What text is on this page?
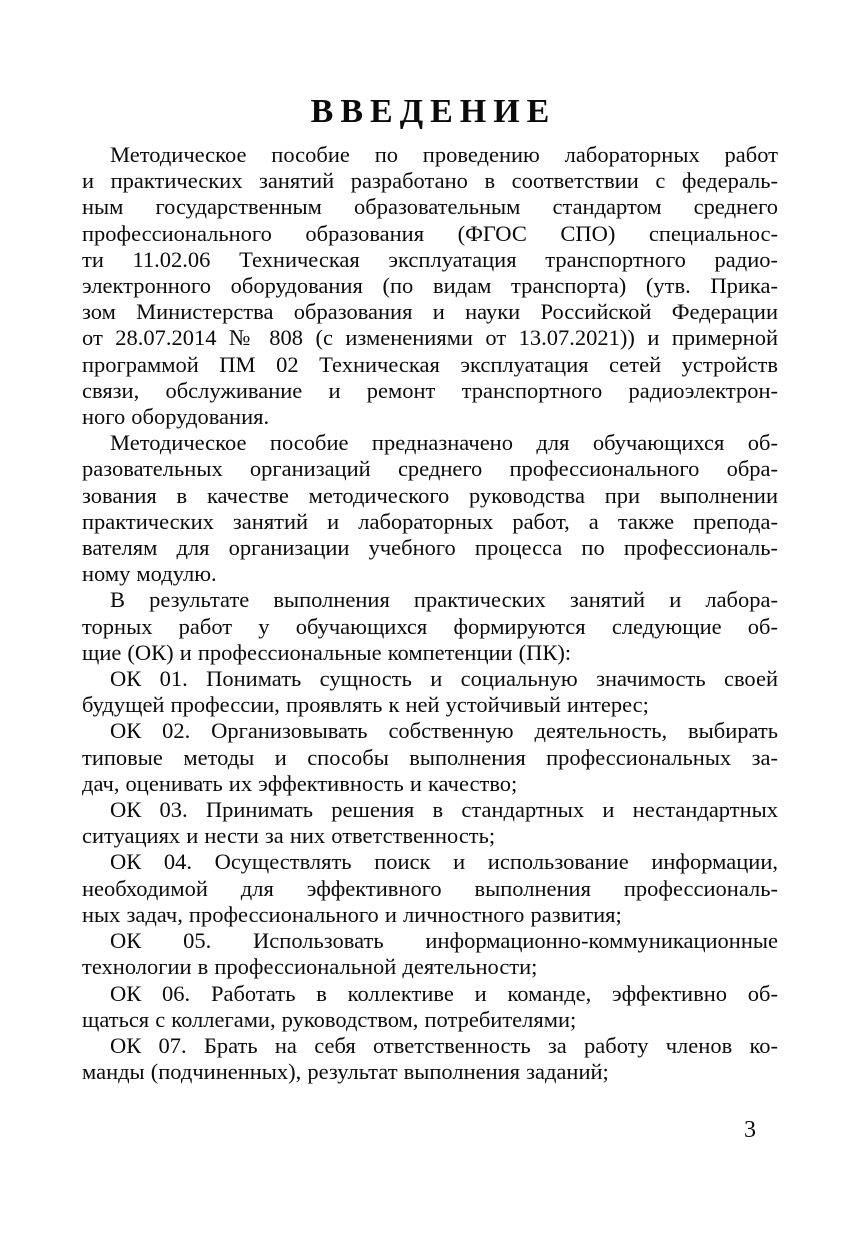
ВВЕДЕНИЕ
Методическое пособие по проведению лабораторных работ
и практических занятий разработано в соответствии с федераль-
ным государственным образовательным стандартом среднего
профессионального образования (ФГОС СПО) специальнос-
ти 11.02.06 Техническая эксплуатация транспортного радио-
электронного оборудования (по видам транспорта) (утв. Прика-
зом Министерства образования и науки Российской Федерации
от 28.07.2014 № 808 (с изменениями от 13.07.2021)) и примерной
программой ПМ 02 Техническая эксплуатация сетей устройств
связи, обслуживание и ремонт транспортного радиоэлектрон-
ного оборудования.
Методическое пособие предназначено для обучающихся об-
разовательных организаций среднего профессионального обра-
зования в качестве методического руководства при выполнении
практических занятий и лабораторных работ, а также препода-
вателям для организации учебного процесса по профессиональ-
ному модулю.
В результате выполнения практических занятий и лабора-
торных работ у обучающихся формируются следующие об-
щие (ОК) и профессиональные компетенции (ПК):
ОК 01. Понимать сущность и социальную значимость своей
будущей профессии, проявлять к ней устойчивый интерес;
ОК 02. Организовывать собственную деятельность, выбирать
типовые методы и способы выполнения профессиональных за-
дач, оценивать их эффективность и качество;
ОК 03. Принимать решения в стандартных и нестандартных
ситуациях и нести за них ответственность;
ОК 04. Осуществлять поиск и использование информации,
необходимой для эффективного выполнения профессиональ-
ных задач, профессионального и личностного развития;
ОК 05. Использовать информационно-коммуникационные
технологии в профессиональной деятельности;
ОК 06. Работать в коллективе и команде, эффективно об-
щаться с коллегами, руководством, потребителями;
ОК 07. Брать на себя ответственность за работу членов ко-
манды (подчиненных), результат выполнения заданий;
3
